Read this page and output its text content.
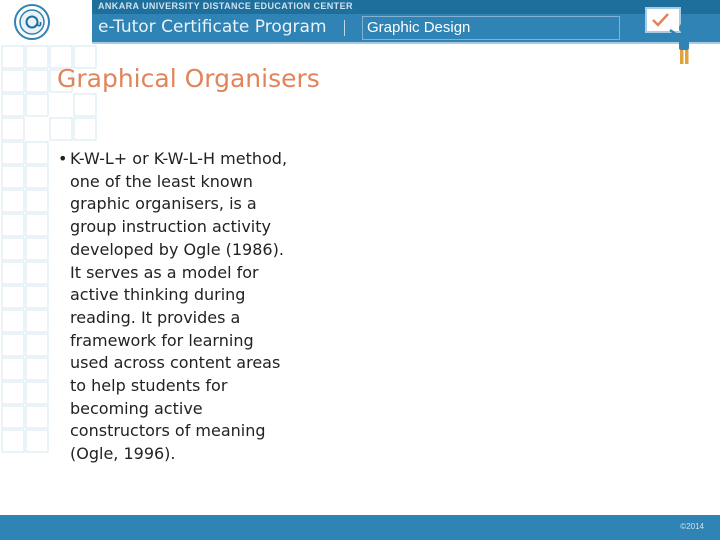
ANKARA UNIVERSITY DISTANCE EDUCATION CENTER
e-Tutor Certificate Program	Graphic Design
Graphical Organisers
• K-W-L+ or K-W-L-H method,
one of the least known
graphic organisers, is a
group instruction activity
developed by Ogle (1986).
It serves as a model for
active thinking during
reading. It provides a
framework for learning
used across content areas
to help students for
becoming active
constructors of meaning
(Ogle, 1996).
©2014
